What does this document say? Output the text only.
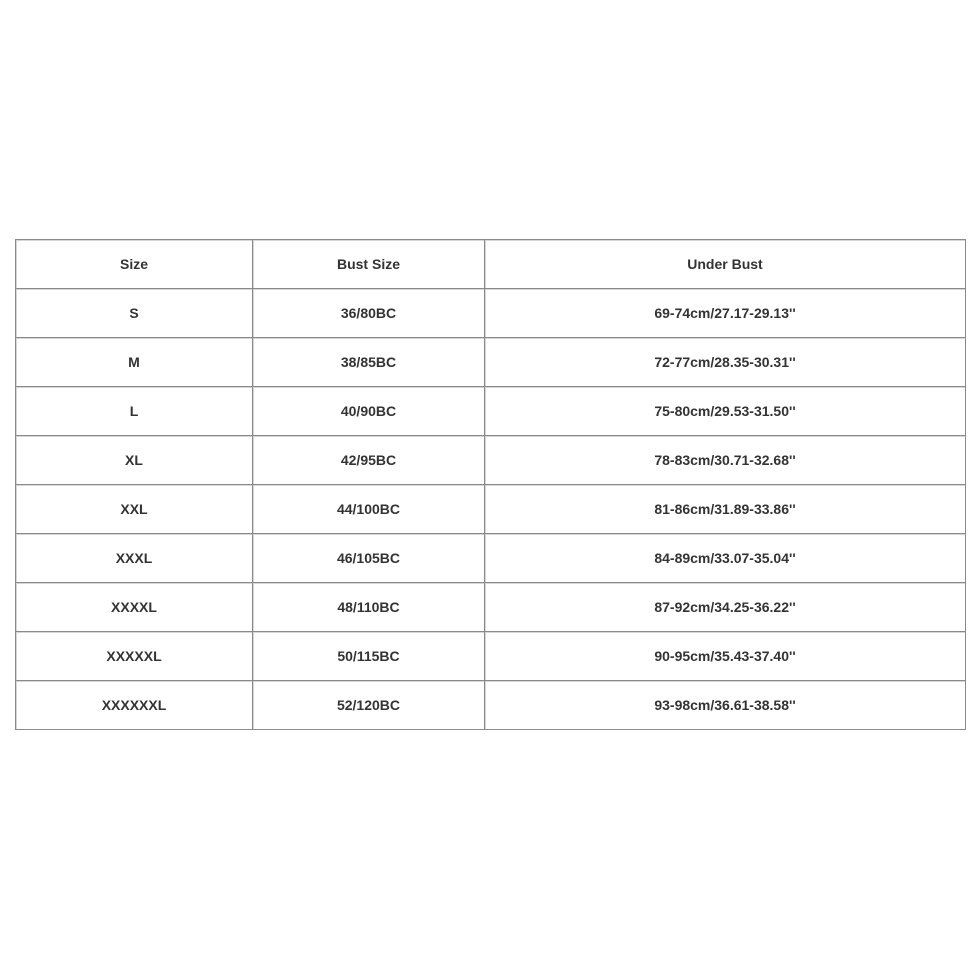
Size	Bust Size	Under Bust
S	36/80BC	69-74cm/27.17-29.13''
M	38/85BC	72-77cm/28.35-30.31''
L	40/90BC	75-80cm/29.53-31.50''
XL	42/95BC	78-83cm/30.71-32.68''
XXL	44/100BC	81-86cm/31.89-33.86''
XXXL	46/105BC	84-89cm/33.07-35.04''
XXXXL	48/110BC	87-92cm/34.25-36.22''
XXXXXL	50/115BC	90-95cm/35.43-37.40''
XXXXXXL	52/120BC	93-98cm/36.61-38.58''
